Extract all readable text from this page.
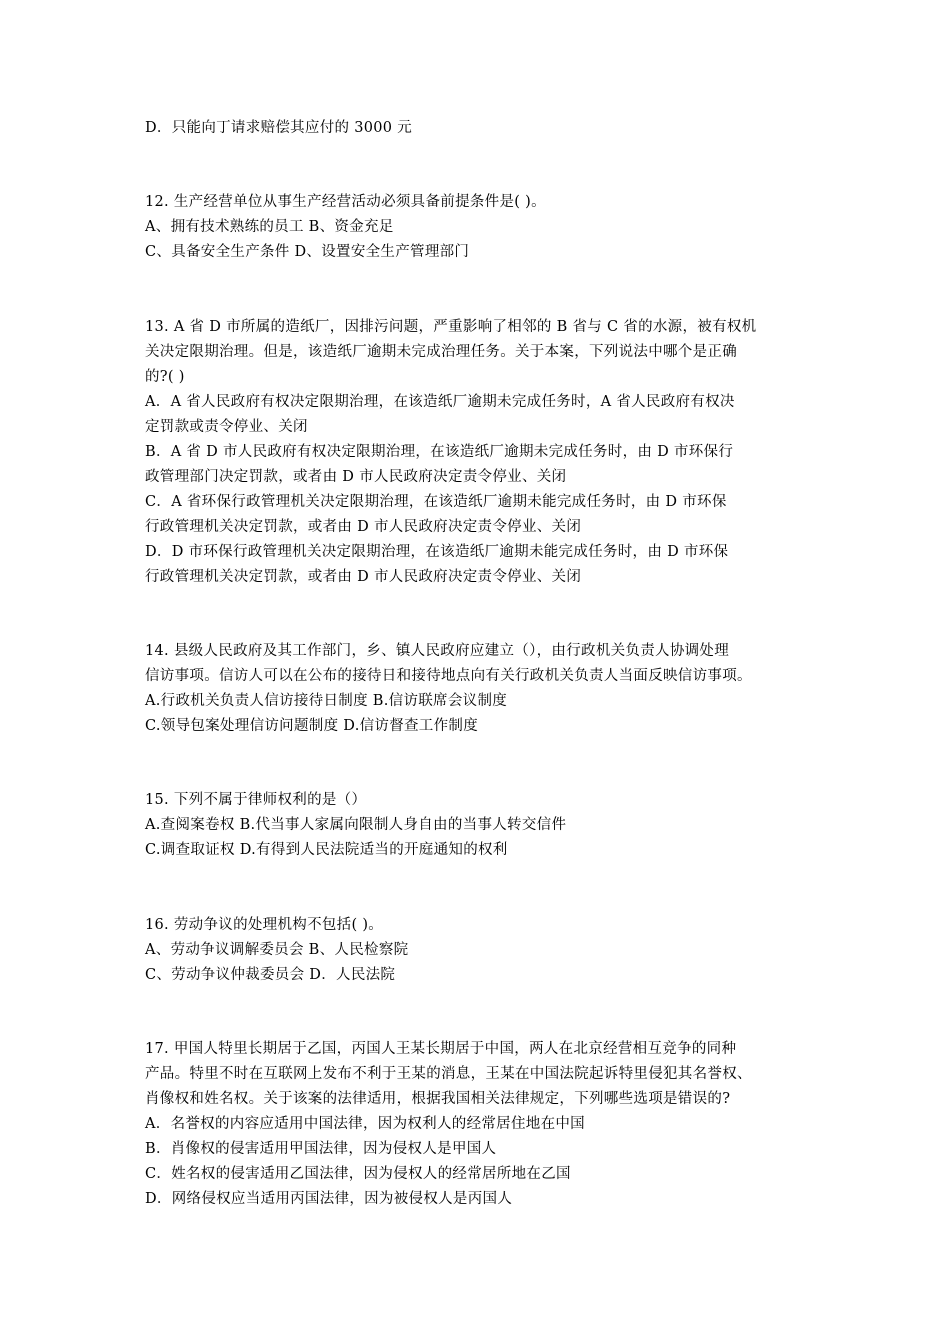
D．只能向丁请求赔偿其应付的 3000 元
12. 生产经营单位从事生产经营活动必须具备前提条件是( )。
A、拥有技术熟练的员工 B、资金充足
C、具备安全生产条件 D、设置安全生产管理部门
13. A 省 D 市所属的造纸厂，因排污问题，严重影响了相邻的 B 省与 C 省的水源，被有权机
关决定限期治理。但是，该造纸厂逾期未完成治理任务。关于本案，下列说法中哪个是正确
的?( )
A．A 省人民政府有权决定限期治理，在该造纸厂逾期未完成任务时，A 省人民政府有权决
定罚款或责令停业、关闭
B．A 省 D 市人民政府有权决定限期治理，在该造纸厂逾期未完成任务时，由 D 市环保行
政管理部门决定罚款，或者由 D 市人民政府决定责令停业、关闭
C．A 省环保行政管理机关决定限期治理，在该造纸厂逾期未能完成任务时，由 D 市环保
行政管理机关决定罚款，或者由 D 市人民政府决定责令停业、关闭
D．D 市环保行政管理机关决定限期治理，在该造纸厂逾期未能完成任务时，由 D 市环保
行政管理机关决定罚款，或者由 D 市人民政府决定责令停业、关闭
14. 县级人民政府及其工作部门，乡、镇人民政府应建立（），由行政机关负责人协调处理
信访事项。信访人可以在公布的接待日和接待地点向有关行政机关负责人当面反映信访事项。
A.行政机关负责人信访接待日制度 B.信访联席会议制度
C.领导包案处理信访问题制度 D.信访督查工作制度
15. 下列不属于律师权利的是（）
A.查阅案卷权 B.代当事人家属向限制人身自由的当事人转交信件
C.调查取证权 D.有得到人民法院适当的开庭通知的权利
16. 劳动争议的处理机构不包括( )。
A、劳动争议调解委员会 B、人民检察院
C、劳动争议仲裁委员会 D．人民法院
17. 甲国人特里长期居于乙国，丙国人王某长期居于中国，两人在北京经营相互竞争的同种
产品。特里不时在互联网上发布不利于王某的消息，王某在中国法院起诉特里侵犯其名誉权、
肖像权和姓名权。关于该案的法律适用，根据我国相关法律规定，下列哪些选项是错误的?
A．名誉权的内容应适用中国法律，因为权利人的经常居住地在中国
B．肖像权的侵害适用甲国法律，因为侵权人是甲国人
C．姓名权的侵害适用乙国法律，因为侵权人的经常居所地在乙国
D．网络侵权应当适用丙国法律，因为被侵权人是丙国人
